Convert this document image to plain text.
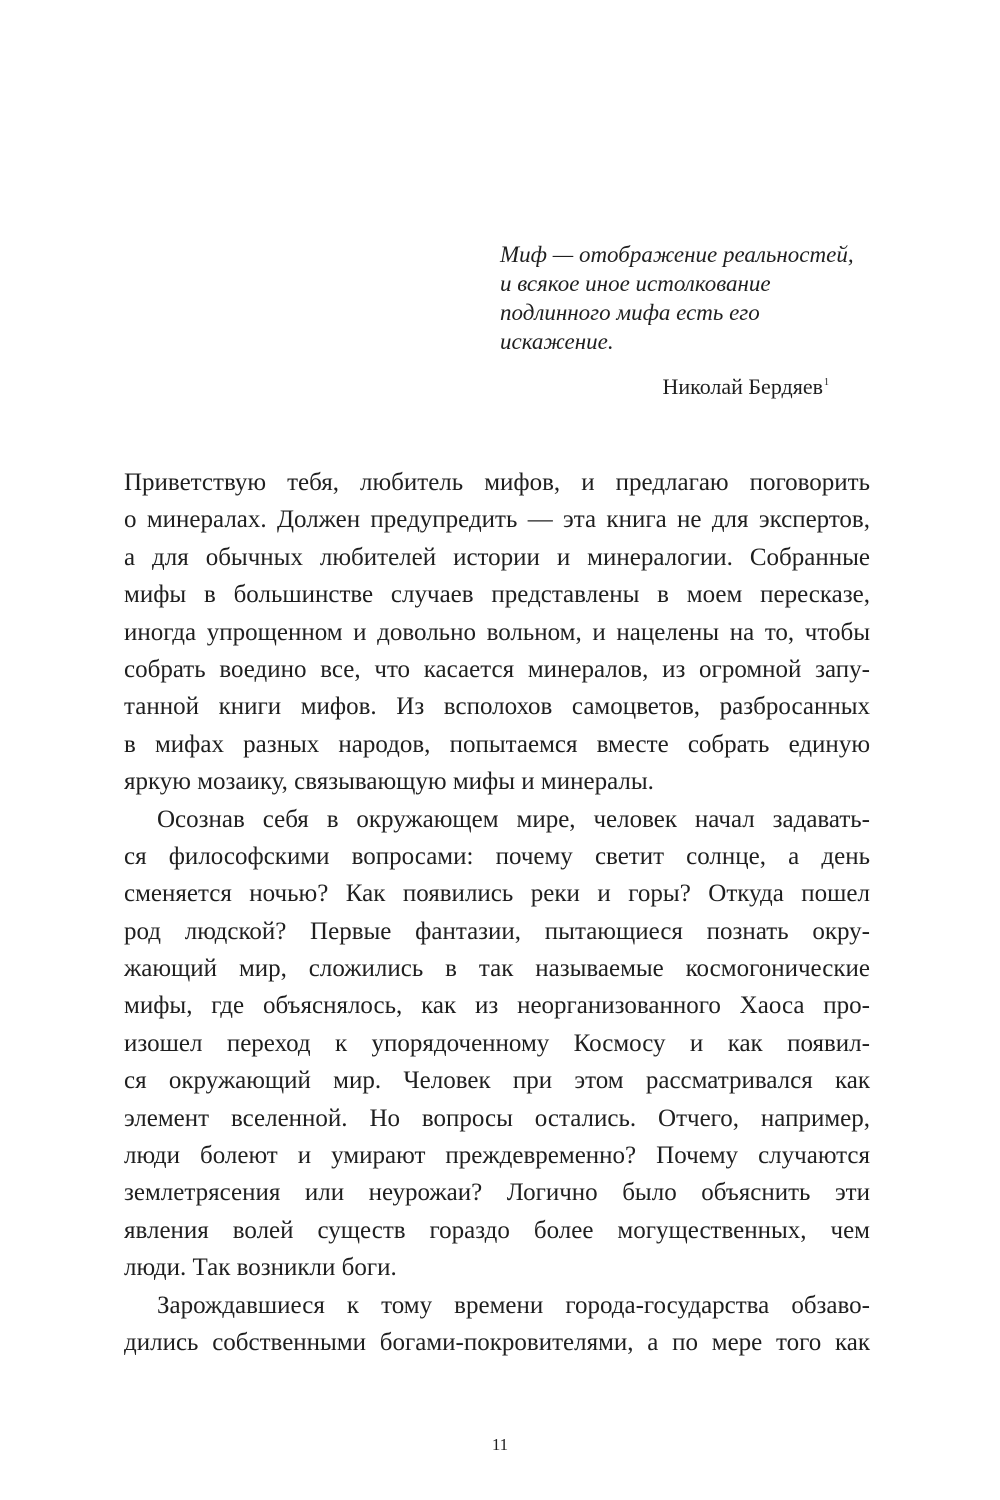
Миф — отображение реальностей,
и всякое иное истолкование
подлинного мифа есть его
искажение.
Николай Бердяев$^1$
Приветствую тебя, любитель мифов, и предлагаю поговорить
о минералах. Должен предупредить — эта книга не для экспертов,
а для обычных любителей истории и минералогии. Собранные
мифы в большинстве случаев представлены в моем пересказе,
иногда упрощенном и довольно вольном, и нацелены на то, чтобы
собрать воедино все, что касается минералов, из огромной запу-
танной книги мифов. Из всполохов самоцветов, разбросанных
в мифах разных народов, попытаемся вместе собрать единую
яркую мозаику, связывающую мифы и минералы.
Осознав себя в окружающем мире, человек начал задавать-
ся философскими вопросами: почему светит солнце, а день
сменяется ночью? Как появились реки и горы? Откуда пошел
род людской? Первые фантазии, пытающиеся познать окру-
жающий мир, сложились в так называемые космогонические
мифы, где объяснялось, как из неорганизованного Хаоса про-
изошел переход к упорядоченному Космосу и как появил-
ся окружающий мир. Человек при этом рассматривался как
элемент вселенной. Но вопросы остались. Отчего, например,
люди болеют и умирают преждевременно? Почему случаются
землетрясения или неурожаи? Логично было объяснить эти
явления волей существ гораздо более могущественных, чем
люди. Так возникли боги.
Зарождавшиеся к тому времени города-государства обзаво-
дились собственными богами-покровителями, а по мере того как
11
